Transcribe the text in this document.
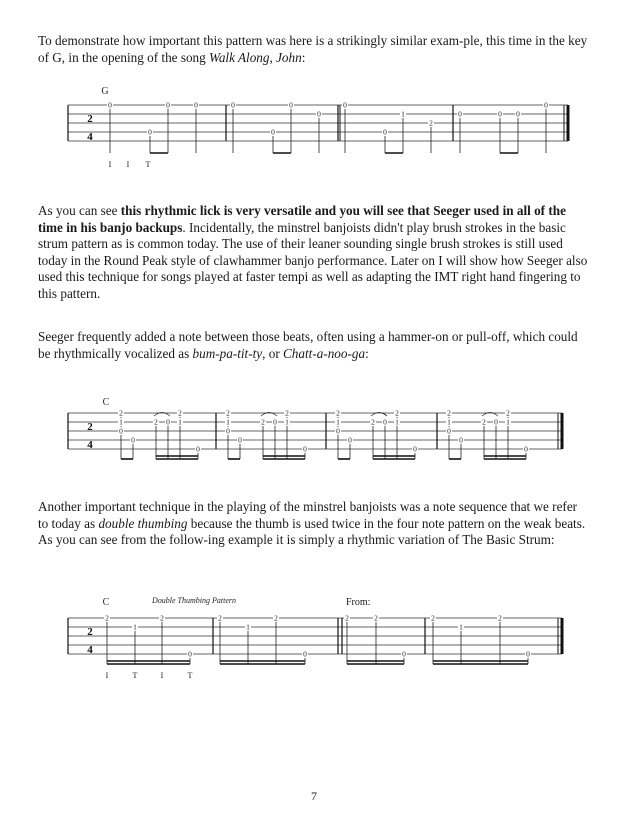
To demonstrate how important this pattern was here is a strikingly similar exam-ple, this time in the key of G, in the opening of the song Walk Along, John:

2
4
G
0
0
0	0	0
0
0
0
0
0
1
2
0	0 0
0
I I T

As you can see this rhythmic lick is very versatile and you will see that Seeger used in all of the time in his banjo backups. Incidentally, the minstrel banjoists didn't play brush strokes in the basic strum pattern as is common today. The use of their leaner sounding single brush strokes is still used today in the Round Peak style of clawhammer banjo performance. Later on I will show how Seeger also used this technique for songs played at faster tempi as well as adapting the IMT right hand fingering to this pattern.

Seeger frequently added a note between those beats, often using a hammer-on or pull-off, which could be rhythmically vocalized as bum-pa-tit-ty, or Chatt-a-noo-ga:

2
4
C
2
1
0
0
2 0
2
1
0
2
1
0
0
2 0
2
1
0
2
1
0
0
2 0
2
1
0
2
1
0
0
2 0
2
1
0

Another important technique in the playing of the minstrel banjoists was a note sequence that we refer to today as double thumbing because the thumb is used twice in the four note pattern on the weak beats. As you can see from the follow-ing example it is simply a rhythmic variation of The Basic Strum:

2
4
C	Double Thumbing Pattern	From:
2
1
2
0
2
1
2
0
2	2
0
2
1
2
0
I	T	I	T
7
